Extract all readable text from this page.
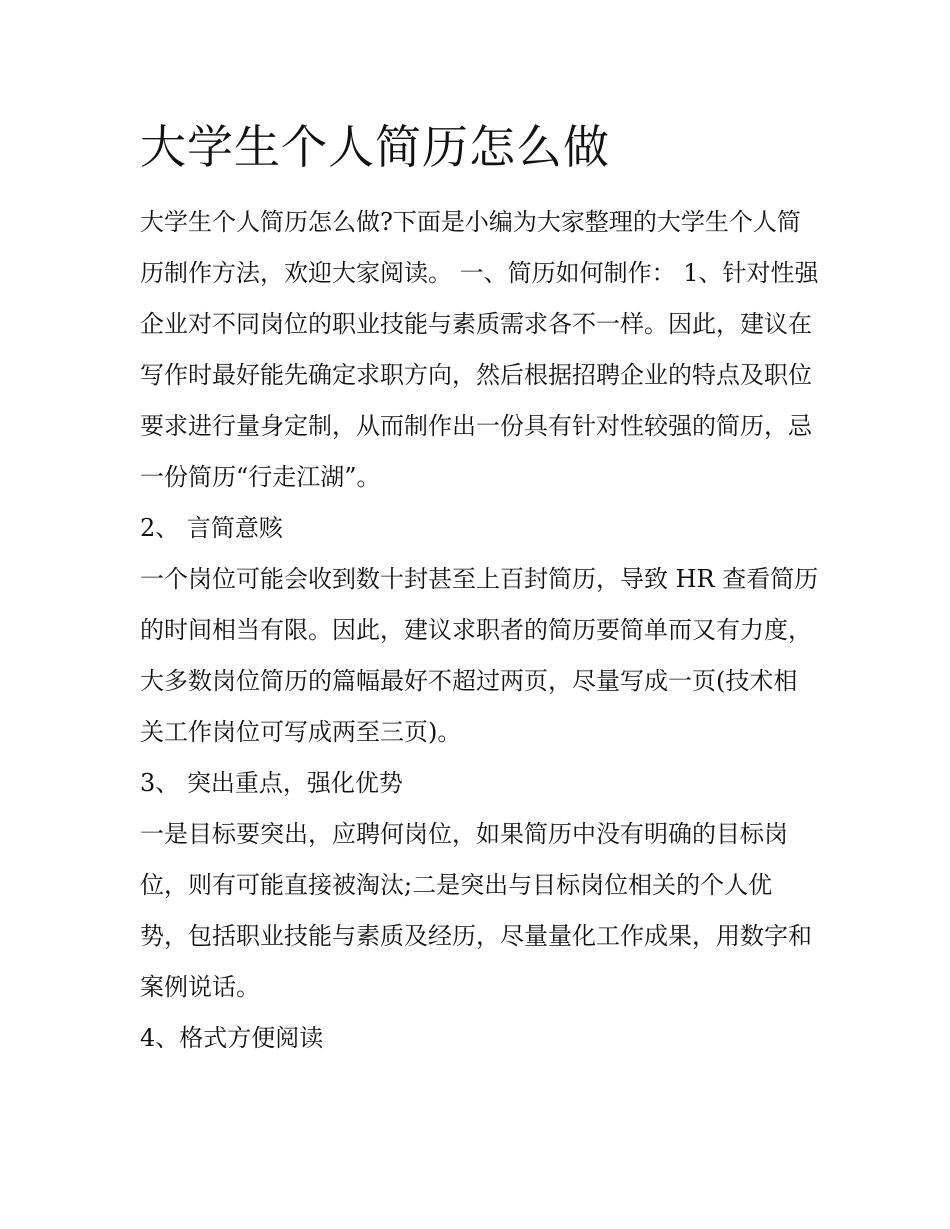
大学生个人简历怎么做

大学生个人简历怎么做?下面是小编为大家整理的大学生个人简历制作方法，欢迎大家阅读。 一、简历如何制作： 1、针对性强

企业对不同岗位的职业技能与素质需求各不一样。因此，建议在写作时最好能先确定求职方向，然后根据招聘企业的特点及职位要求进行量身定制，从而制作出一份具有针对性较强的简历，忌一份简历“行走江湖”。

2、 言简意赅

一个岗位可能会收到数十封甚至上百封简历，导致 HR 查看简历的时间相当有限。因此，建议求职者的简历要简单而又有力度，大多数岗位简历的篇幅最好不超过两页，尽量写成一页(技术相关工作岗位可写成两至三页)。

3、 突出重点，强化优势

一是目标要突出，应聘何岗位，如果简历中没有明确的目标岗位，则有可能直接被淘汰;二是突出与目标岗位相关的个人优势，包括职业技能与素质及经历，尽量量化工作成果，用数字和案例说话。

4、格式方便阅读
